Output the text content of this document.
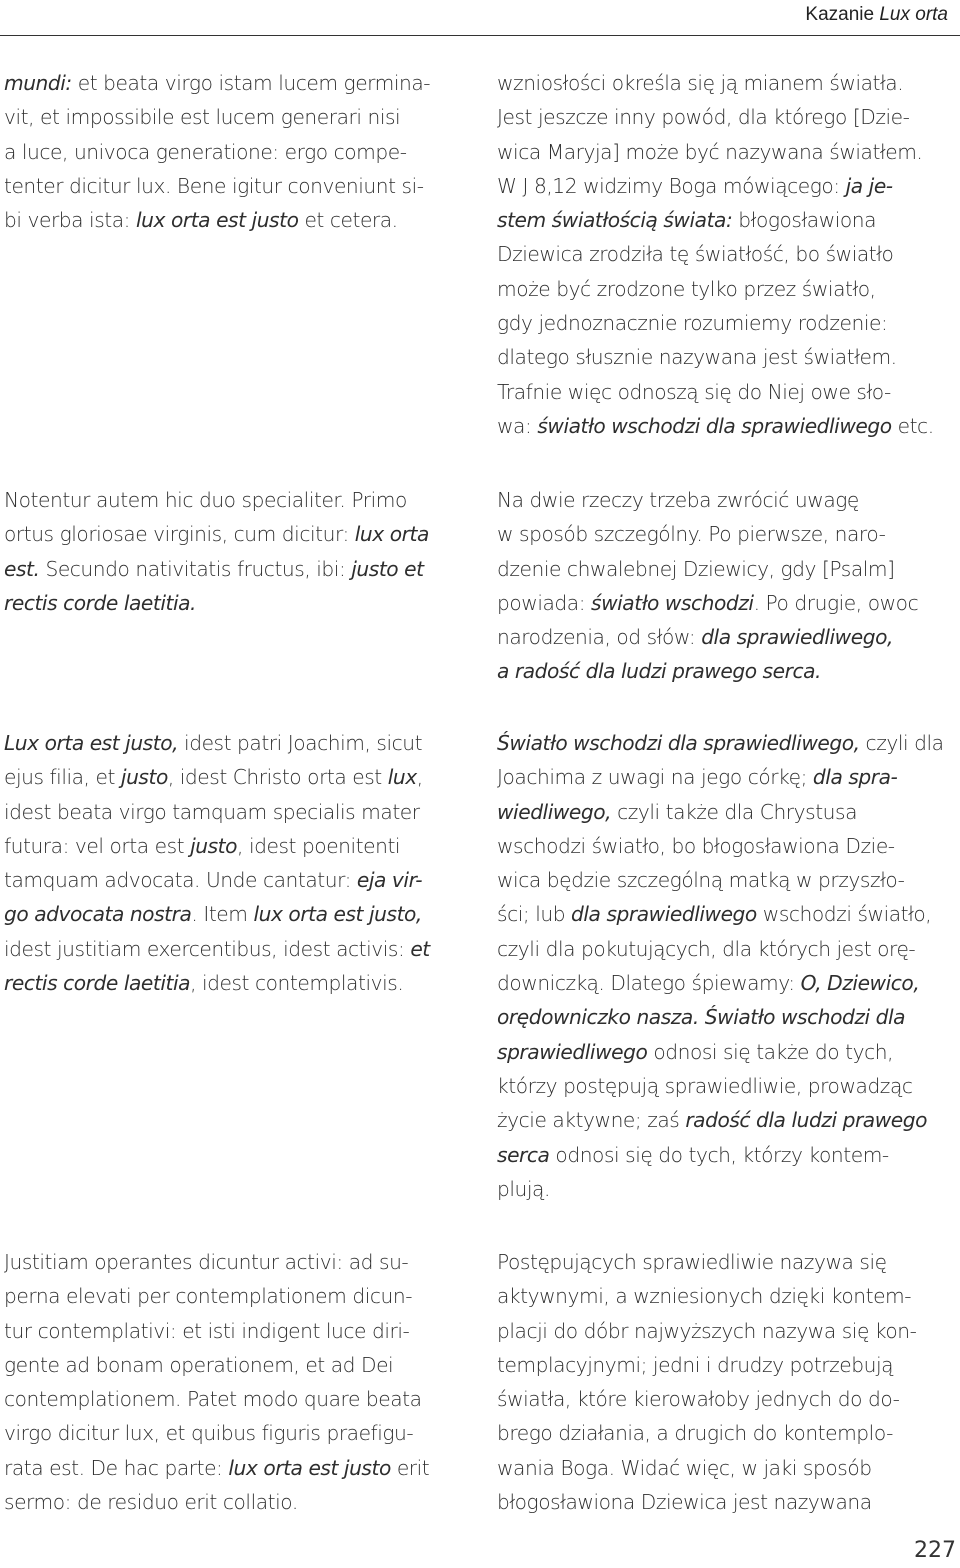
Kazanie Lux orta

mundi: et beata virgo istam lucem germina-
vit, et impossibile est lucem generari nisi
a luce, univoca generatione: ergo compe-
tenter dicitur lux. Bene igitur conveniunt si-
bi verba ista: lux orta est justo et cetera.

Notentur autem hic duo specialiter. Primo
ortus gloriosae virginis, cum dicitur: lux orta
est. Secundo nativitatis fructus, ibi: justo et
rectis corde laetitia.

Lux orta est justo, idest patri Joachim, sicut
ejus filia, et justo, idest Christo orta est lux,
idest beata virgo tamquam specialis mater
futura: vel orta est justo, idest poenitenti
tamquam advocata. Unde cantatur: eja vir-
go advocata nostra. Item lux orta est justo,
idest justitiam exercentibus, idest activis: et
rectis corde laetitia, idest contemplativis.

Justitiam operantes dicuntur activi: ad su-
perna elevati per contemplationem dicun-
tur contemplativi: et isti indigent luce diri-
gente ad bonam operationem, et ad Dei
contemplationem. Patet modo quare beata
virgo dicitur lux, et quibus figuris praefigu-
rata est. De hac parte: lux orta est justo erit
sermo: de residuo erit collatio.

wzniosłości określa się ją mianem światła.
Jest jeszcze inny powód, dla którego [Dzie-
wica Maryja] może być nazywana światłem.
W J 8,12 widzimy Boga mówiącego: ja je-
stem światłością świata: błogosławiona
Dziewica zrodziła tę światłość, bo światło
może być zrodzone tylko przez światło,
gdy jednoznacznie rozumiemy rodzenie:
dlatego słusznie nazywana jest światłem.
Trafnie więc odnoszą się do Niej owe sło-
wa: światło wschodzi dla sprawiedliwego etc.

Na dwie rzeczy trzeba zwrócić uwagę
w sposób szczególny. Po pierwsze, naro-
dzenie chwalebnej Dziewicy, gdy [Psalm]
powiada: światło wschodzi. Po drugie, owoc
narodzenia, od słów: dla sprawiedliwego,
a radość dla ludzi prawego serca.

Światło wschodzi dla sprawiedliwego, czyli dla
Joachima z uwagi na jego córkę; dla spra-
wiedliwego, czyli także dla Chrystusa
wschodzi światło, bo błogosławiona Dzie-
wica będzie szczególną matką w przyszło-
ści; lub dla sprawiedliwego wschodzi światło,
czyli dla pokutujących, dla których jest orę-
downiczką. Dlatego śpiewamy: O, Dziewico,
orędowniczko nasza. Światło wschodzi dla
sprawiedliwego odnosi się także do tych,
którzy postępują sprawiedliwie, prowadząc
życie aktywne; zaś radość dla ludzi prawego
serca odnosi się do tych, którzy kontem-
plują.

Postępujących sprawiedliwie nazywa się
aktywnymi, a wzniesionych dzięki kontem-
placji do dóbr najwyższych nazywa się kon-
templacyjnymi; jedni i drudzy potrzebują
światła, które kierowałoby jednych do do-
brego działania, a drugich do kontemplo-
wania Boga. Widać więc, w jaki sposób
błogosławiona Dziewica jest nazywana

227
